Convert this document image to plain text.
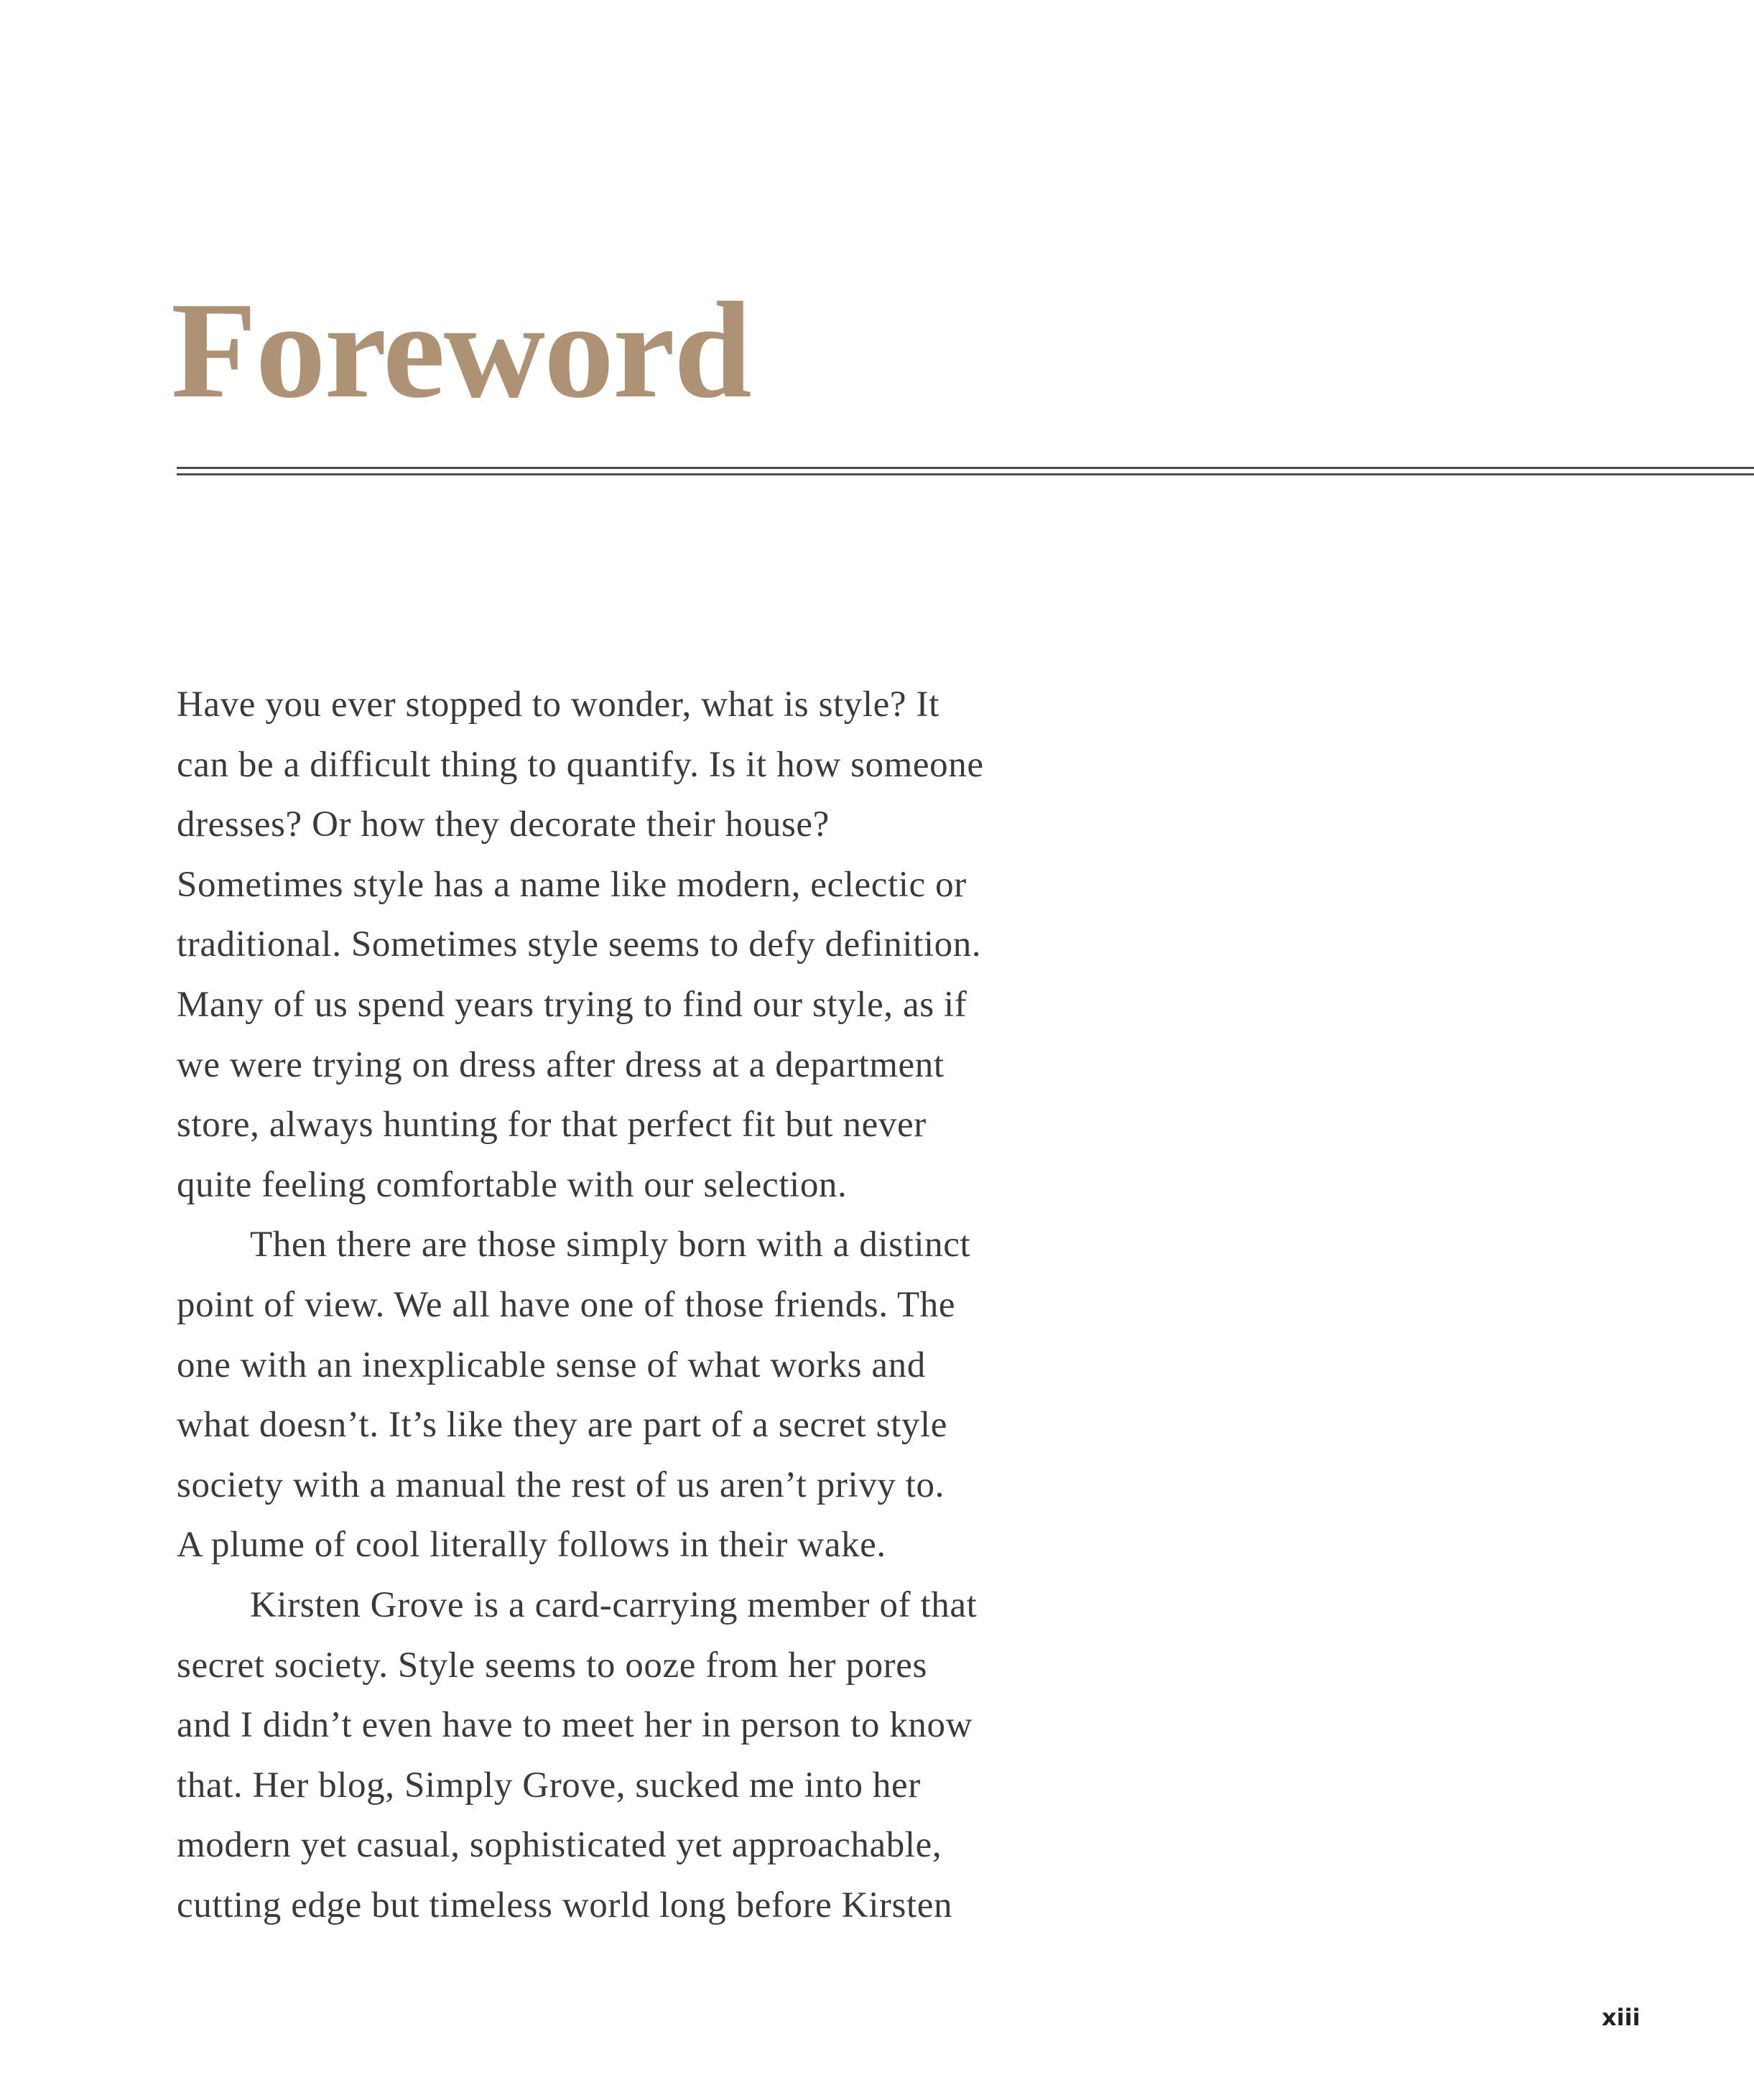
Foreword
Have you ever stopped to wonder, what is style? It
can be a difficult thing to quantify. Is it how someone
dresses? Or how they decorate their house?
Sometimes style has a name like modern, eclectic or
traditional. Sometimes style seems to defy definition.
Many of us spend years trying to find our style, as if
we were trying on dress after dress at a department
store, always hunting for that perfect fit but never
quite feeling comfortable with our selection.
Then there are those simply born with a distinct
point of view. We all have one of those friends. The
one with an inexplicable sense of what works and
what doesn’t. It’s like they are part of a secret style
society with a manual the rest of us aren’t privy to.
A plume of cool literally follows in their wake.
Kirsten Grove is a card-carrying member of that
secret society. Style seems to ooze from her pores
and I didn’t even have to meet her in person to know
that. Her blog, Simply Grove, sucked me into her
modern yet casual, sophisticated yet approachable,
cutting edge but timeless world long before Kirsten
xiii
